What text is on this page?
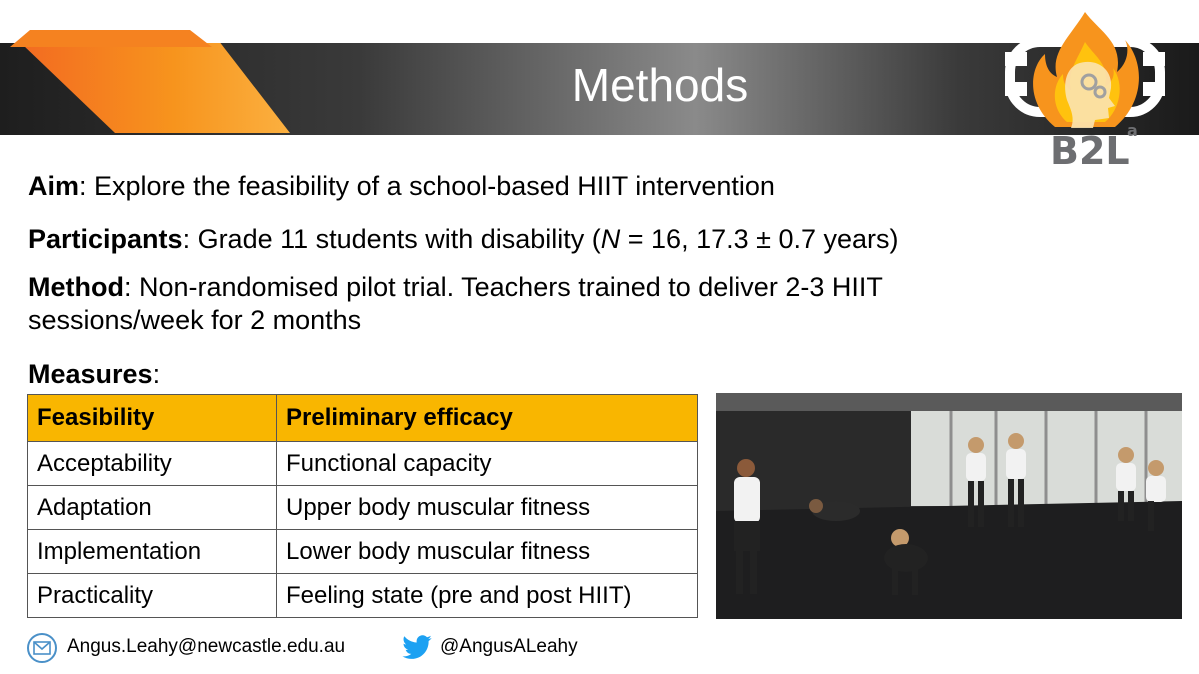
Methods
B2L
a
Aim: Explore the feasibility of a school-based HIIT intervention
Participants: Grade 11 students with disability (N = 16, 17.3 ± 0.7 years)
Method: Non-randomised pilot trial. Teachers trained to deliver 2-3 HIIT
sessions/week for 2 months
Measures:
Feasibility	Preliminary efficacy
Acceptability	Functional capacity
Adaptation	Upper body muscular fitness
Implementation	Lower body muscular fitness
Practicality	Feeling state (pre and post HIIT)
Angus.Leahy@newcastle.edu.au	@AngusALeahy
